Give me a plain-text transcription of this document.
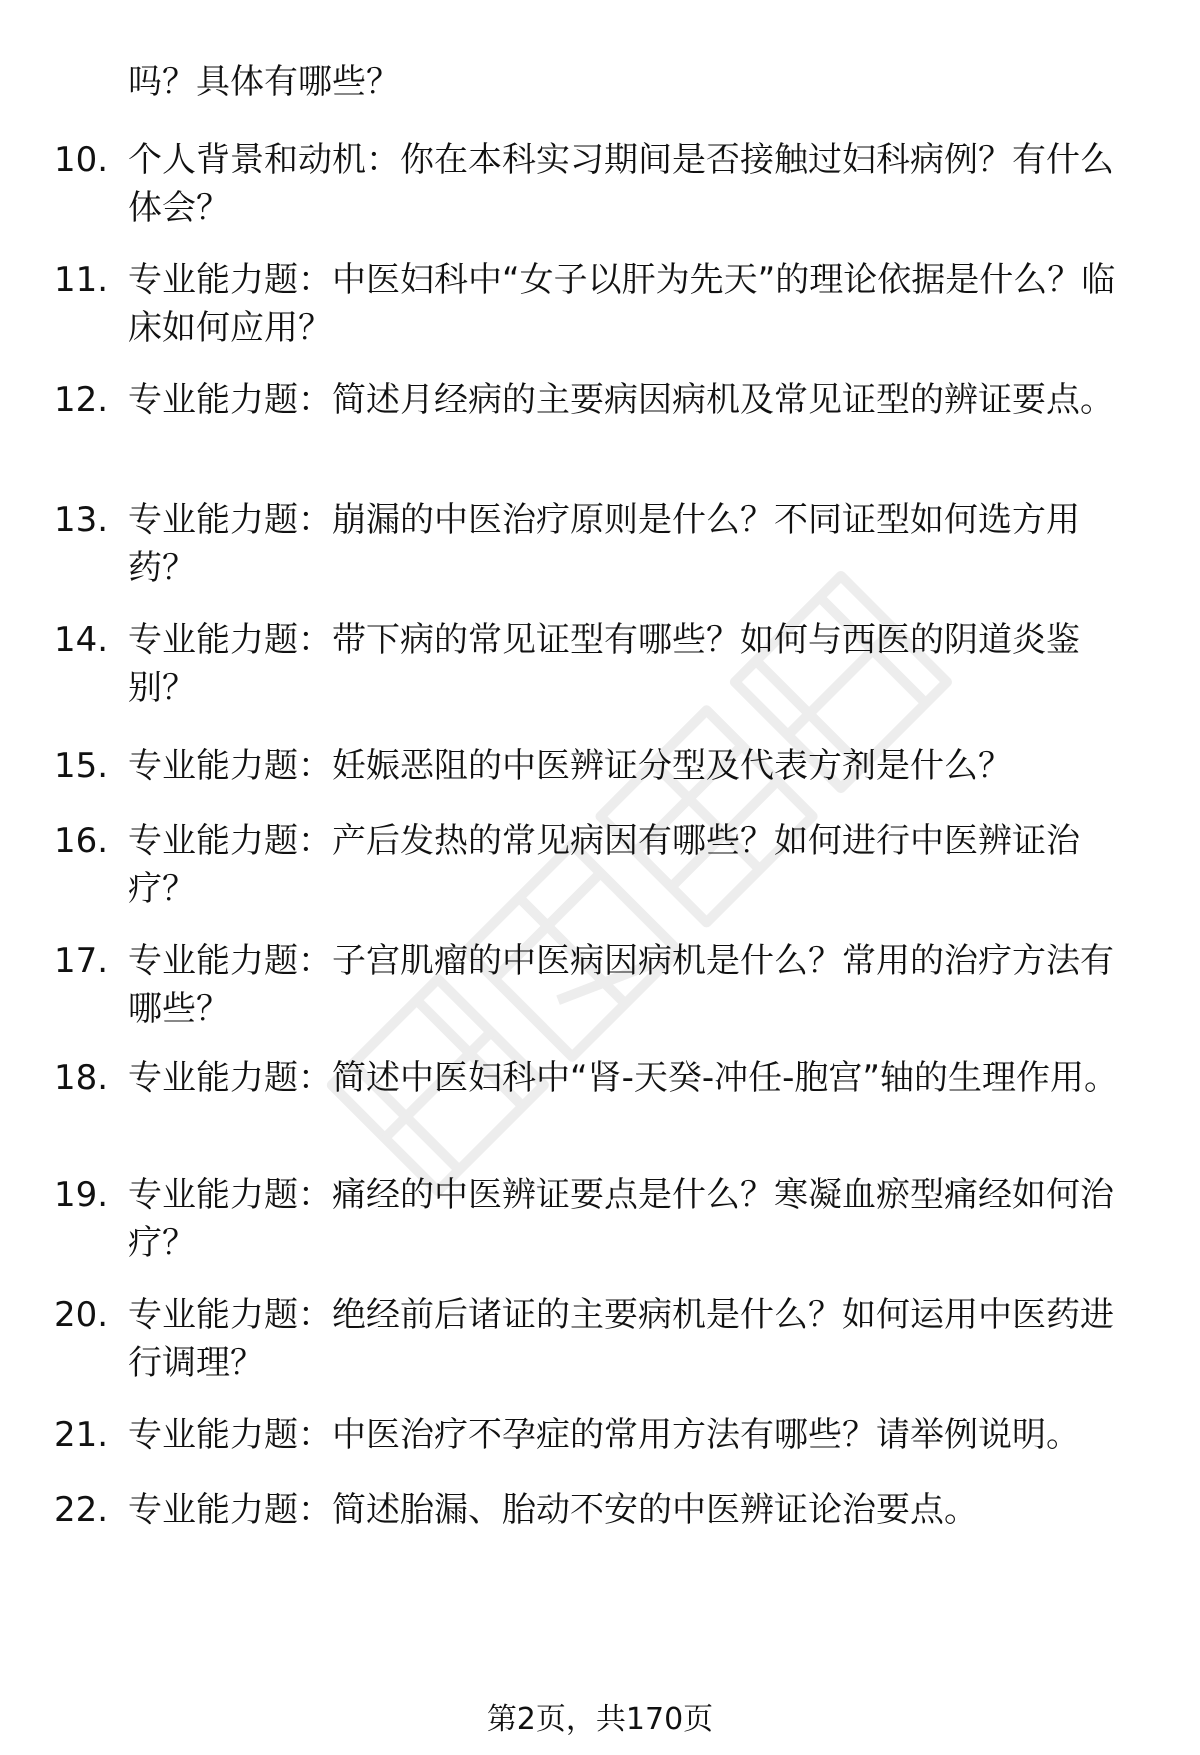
吗？具体有哪些？
10. 个人背景和动机：你在本科实习期间是否接触过妇科病例？有什么体会？
11. 专业能力题：中医妇科中“女子以肝为先天”的理论依据是什么？临床如何应用？
12. 专业能力题：简述月经病的主要病因病机及常见证型的辨证要点。
13. 专业能力题：崩漏的中医治疗原则是什么？不同证型如何选方用药？
14. 专业能力题：带下病的常见证型有哪些？如何与西医的阴道炎鉴别？
15. 专业能力题：妊娠恶阻的中医辨证分型及代表方剂是什么？
16. 专业能力题：产后发热的常见病因有哪些？如何进行中医辨证治疗？
17. 专业能力题：子宫肌瘤的中医病因病机是什么？常用的治疗方法有哪些？
18. 专业能力题：简述中医妇科中“肾-天癸-冲任-胞宫”轴的生理作用。
19. 专业能力题：痛经的中医辨证要点是什么？寒凝血瘀型痛经如何治疗？
20. 专业能力题：绝经前后诸证的主要病机是什么？如何运用中医药进行调理？
21. 专业能力题：中医治疗不孕症的常用方法有哪些？请举例说明。
22. 专业能力题：简述胎漏、胎动不安的中医辨证论治要点。
第2页，共170页
